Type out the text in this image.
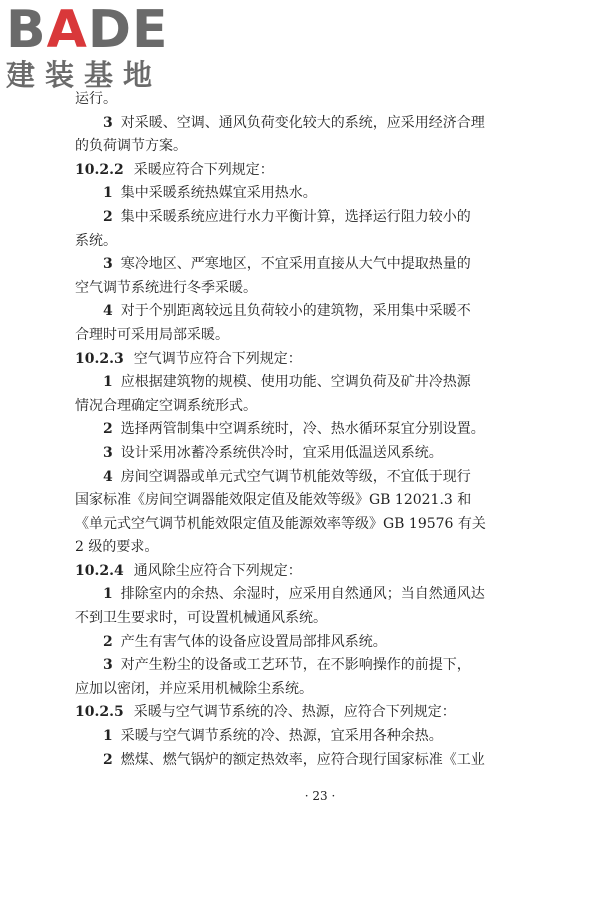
BADE
建装基地
运行。
3 对采暖、空调、通风负荷变化较大的系统，应采用经济合理
的负荷调节方案。
10.2.2 采暖应符合下列规定：
1 集中采暖系统热媒宜采用热水。
2 集中采暖系统应进行水力平衡计算，选择运行阻力较小的
系统。
3 寒冷地区、严寒地区，不宜采用直接从大气中提取热量的
空气调节系统进行冬季采暖。
4 对于个别距离较远且负荷较小的建筑物，采用集中采暖不
合理时可采用局部采暖。
10.2.3 空气调节应符合下列规定：
1 应根据建筑物的规模、使用功能、空调负荷及矿井冷热源
情况合理确定空调系统形式。
2 选择两管制集中空调系统时，冷、热水循环泵宜分别设置。
3 设计采用冰蓄冷系统供冷时，宜采用低温送风系统。
4 房间空调器或单元式空气调节机能效等级，不宜低于现行
国家标准《房间空调器能效限定值及能效等级》GB 12021.3 和
《单元式空气调节机能效限定值及能源效率等级》GB 19576 有关
2 级的要求。
10.2.4 通风除尘应符合下列规定：
1 排除室内的余热、余湿时，应采用自然通风；当自然通风达
不到卫生要求时，可设置机械通风系统。
2 产生有害气体的设备应设置局部排风系统。
3 对产生粉尘的设备或工艺环节，在不影响操作的前提下，
应加以密闭，并应采用机械除尘系统。
10.2.5 采暖与空气调节系统的冷、热源，应符合下列规定：
1 采暖与空气调节系统的冷、热源，宜采用各种余热。
2 燃煤、燃气锅炉的额定热效率，应符合现行国家标准《工业
· 23 ·
